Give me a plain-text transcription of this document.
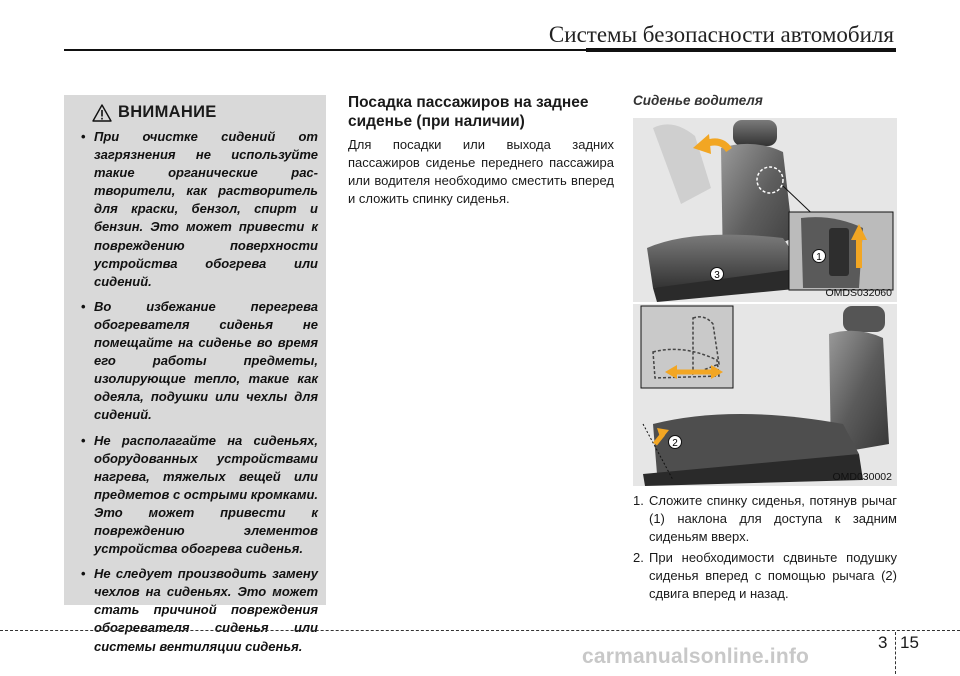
Системы безопасности автомобиля
ВНИМАНИЕ
• При очистке сидений от загрязнения не используйте такие органические рас-творители, как растворитель для краски, бензол, спирт и бензин. Это может привести к повреждению поверхности устройства обогрева или сидений.
• Во избежание перегрева обогревателя сиденья не помещайте на сиденье во время его работы предметы, изолирующие тепло, такие как одеяла, подушки или чехлы для сидений.
• Не располагайте на сиденьях, оборудованных устройствами нагрева, тяжелых вещей или предметов с острыми кромками. Это может привести к повреждению элементов устройства обогрева сиденья.
• Не следует производить замену чехлов на сиденьях. Это может стать причиной повреждения обогревателя сиденья или системы вентиляции сиденья.
Посадка пассажиров на заднее сиденье (при наличии)

Для посадки или выхода задних пассажиров сиденье переднего пассажира или водителя необходимо сместить вперед и сложить спинку сиденья.

Сиденье водителя
1
3
OMDS032060
2
OMD030002
1. Сложите спинку сиденья, потянув рычаг (1) наклона для доступа к задним сиденьям вверх.
2. При необходимости сдвиньте подушку сиденья вперед с помощью рычага (2) сдвига вперед и назад.
3 15
carmanualsonline.info
